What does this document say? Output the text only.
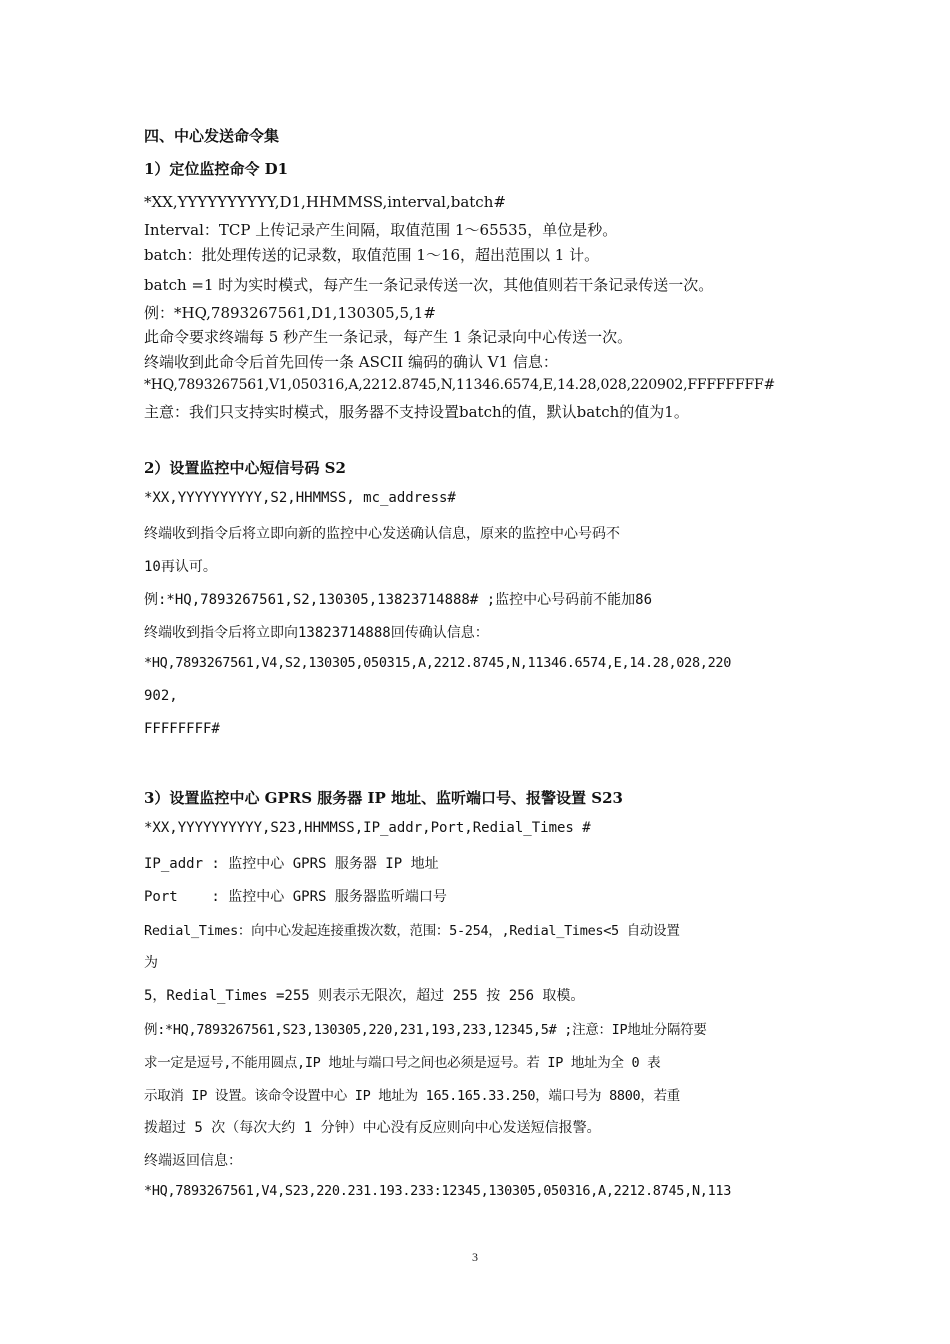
四、中心发送命令集

1）定位监控命令 D1

*XX,YYYYYYYYYY,D1,HHMMSS,interval,batch#

Interval：TCP 上传记录产生间隔，取值范围 1～65535，单位是秒。

batch：批处理传送的记录数，取值范围 1～16，超出范围以 1 计。

batch =1 时为实时模式，每产生一条记录传送一次，其他值则若干条记录传送一次。

例：*HQ,7893267561,D1,130305,5,1#

此命令要求终端每 5 秒产生一条记录，每产生 1 条记录向中心传送一次。

终端收到此命令后首先回传一条 ASCII 编码的确认 V1 信息：

*HQ,7893267561,V1,050316,A,2212.8745,N,11346.6574,E,14.28,028,220902,FFFFFFFF#

主意：我们只支持实时模式，服务器不支持设置batch的值，默认batch的值为1。

2）设置监控中心短信号码 S2

*XX,YYYYYYYYYY,S2,HHMMSS, mc_address#

终端收到指令后将立即向新的监控中心发送确认信息，原来的监控中心号码不

10再认可。

例:*HQ,7893267561,S2,130305,13823714888# ;监控中心号码前不能加86

终端收到指令后将立即向13823714888回传确认信息：

*HQ,7893267561,V4,S2,130305,050315,A,2212.8745,N,11346.6574,E,14.28,028,220

902,

FFFFFFFF#

3）设置监控中心 GPRS 服务器 IP 地址、监听端口号、报警设置 S23

*XX,YYYYYYYYYY,S23,HHMMSS,IP_addr,Port,Redial_Times #

IP_addr : 监控中心 GPRS 服务器 IP 地址

Port    : 监控中心 GPRS 服务器监听端口号

Redial_Times：向中心发起连接重拨次数，范围：5-254，,Redial_Times<5 自动设置

为

5，Redial_Times =255 则表示无限次，超过 255 按 256 取模。

例:*HQ,7893267561,S23,130305,220,231,193,233,12345,5# ;注意：IP地址分隔符要

求一定是逗号,不能用圆点,IP 地址与端口号之间也必须是逗号。若 IP 地址为全 0 表

示取消 IP 设置。该命令设置中心 IP 地址为 165.165.33.250，端口号为 8800，若重

拨超过 5 次（每次大约 1 分钟）中心没有反应则向中心发送短信报警。

终端返回信息：

*HQ,7893267561,V4,S23,220.231.193.233:12345,130305,050316,A,2212.8745,N,113

3
